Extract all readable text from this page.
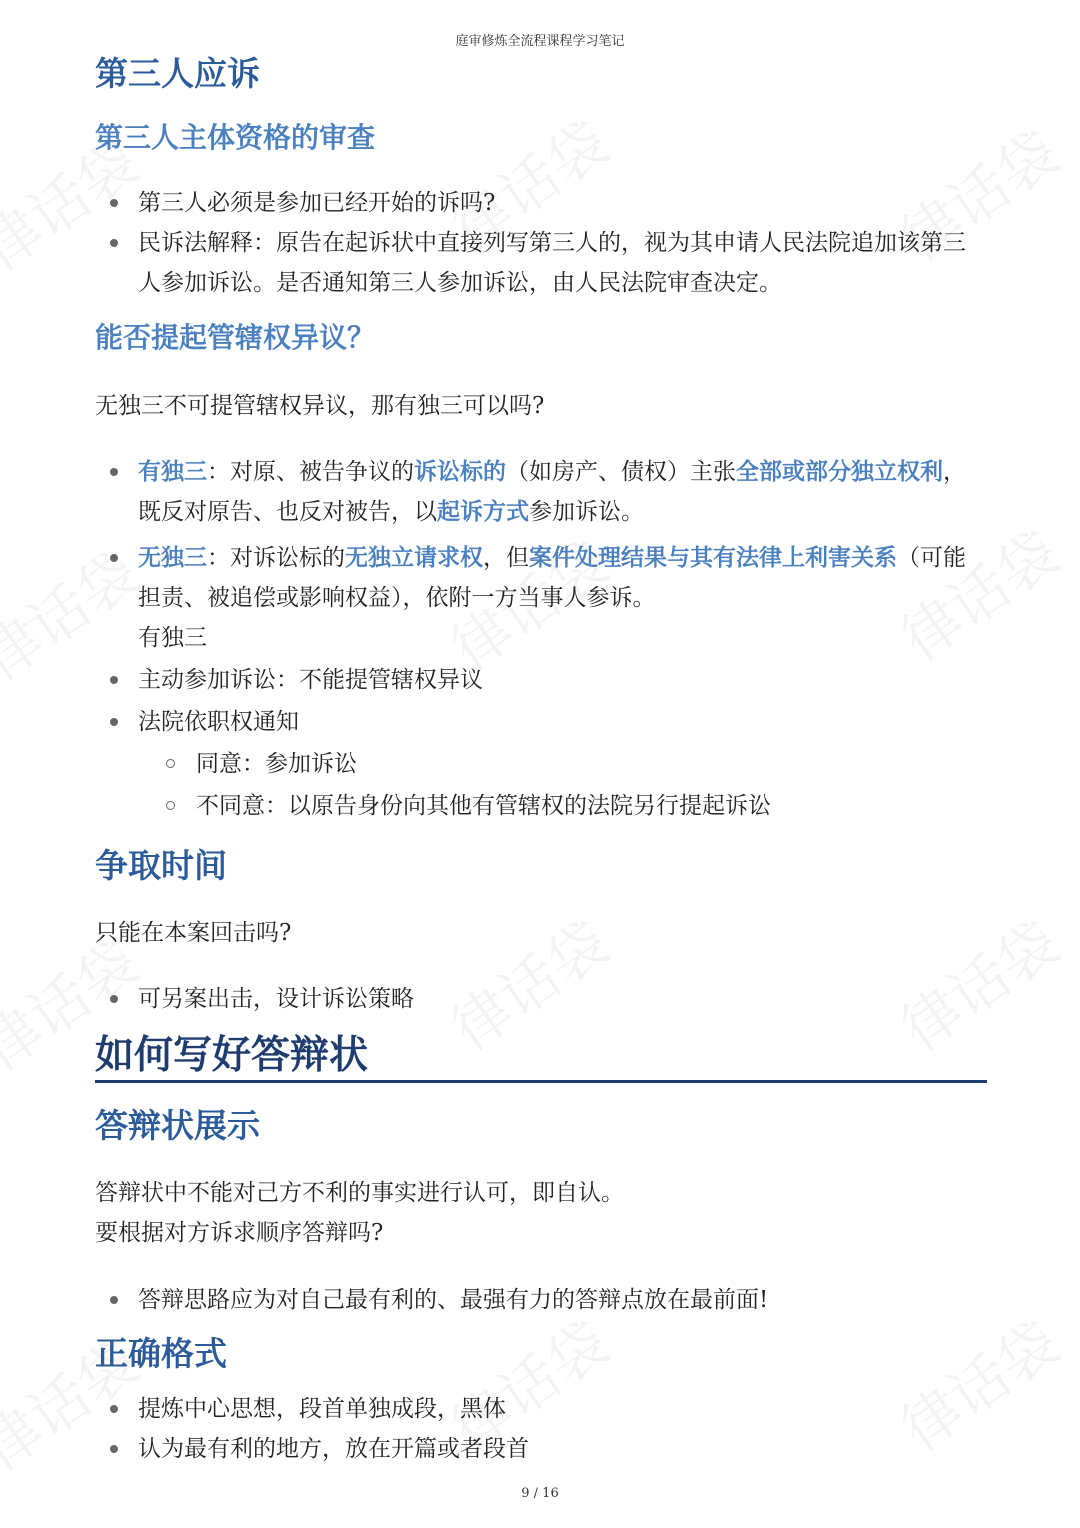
庭审修炼全流程课程学习笔记
第三人应诉
第三人主体资格的审查
第三人必须是参加已经开始的诉吗?
民诉法解释：原告在起诉状中直接列写第三人的，视为其申请人民法院追加该第三人参加诉讼。是否通知第三人参加诉讼，由人民法院审查决定。
能否提起管辖权异议？

无独三不可提管辖权异议，那有独三可以吗?

有独三：对原、被告争议的诉讼标的（如房产、债权）主张全部或部分独立权利，既反对原告、也反对被告，以起诉方式参加诉讼。
无独三：对诉讼标的无独立请求权，但案件处理结果与其有法律上利害关系（可能担责、被追偿或影响权益），依附一方当事人参诉。
有独三
主动参加诉讼：不能提管辖权异议
法院依职权通知
同意：参加诉讼
不同意：以原告身份向其他有管辖权的法院另行提起诉讼
争取时间

只能在本案回击吗?

可另案出击，设计诉讼策略
如何写好答辩状
答辩状展示

答辩状中不能对己方不利的事实进行认可，即自认。

要根据对方诉求顺序答辩吗?

答辩思路应为对自己最有利的、最强有力的答辩点放在最前面!
正确格式
提炼中心思想，段首单独成段，黑体
认为最有利的地方，放在开篇或者段首
9 / 16
